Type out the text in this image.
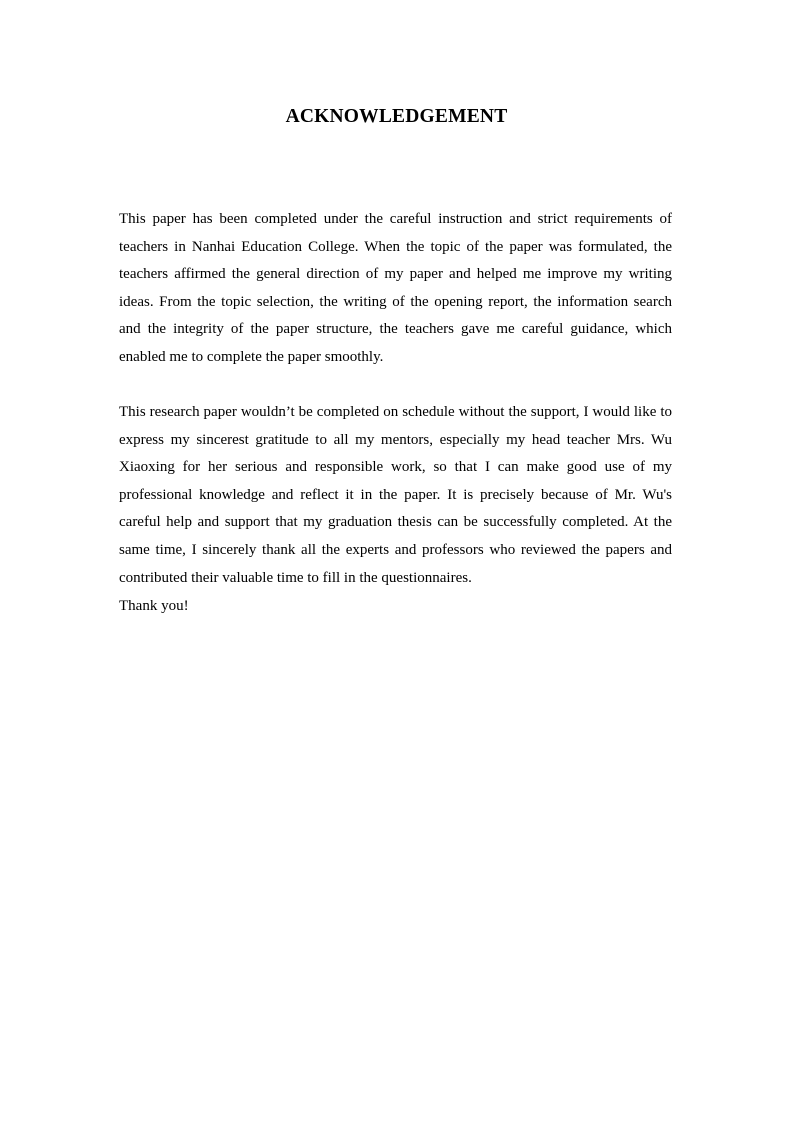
ACKNOWLEDGEMENT

This paper has been completed under the careful instruction and strict requirements of teachers in Nanhai Education College. When the topic of the paper was formulated, the teachers affirmed the general direction of my paper and helped me improve my writing ideas. From the topic selection, the writing of the opening report, the information search and the integrity of the paper structure, the teachers gave me careful guidance, which enabled me to complete the paper smoothly.

This research paper wouldn’t be completed on schedule without the support, I would like to express my sincerest gratitude to all my mentors, especially my head teacher Mrs. Wu Xiaoxing for her serious and responsible work, so that I can make good use of my professional knowledge and reflect it in the paper. It is precisely because of Mr. Wu's careful help and support that my graduation thesis can be successfully completed. At the same time, I sincerely thank all the experts and professors who reviewed the papers and contributed their valuable time to fill in the questionnaires.

Thank you!
